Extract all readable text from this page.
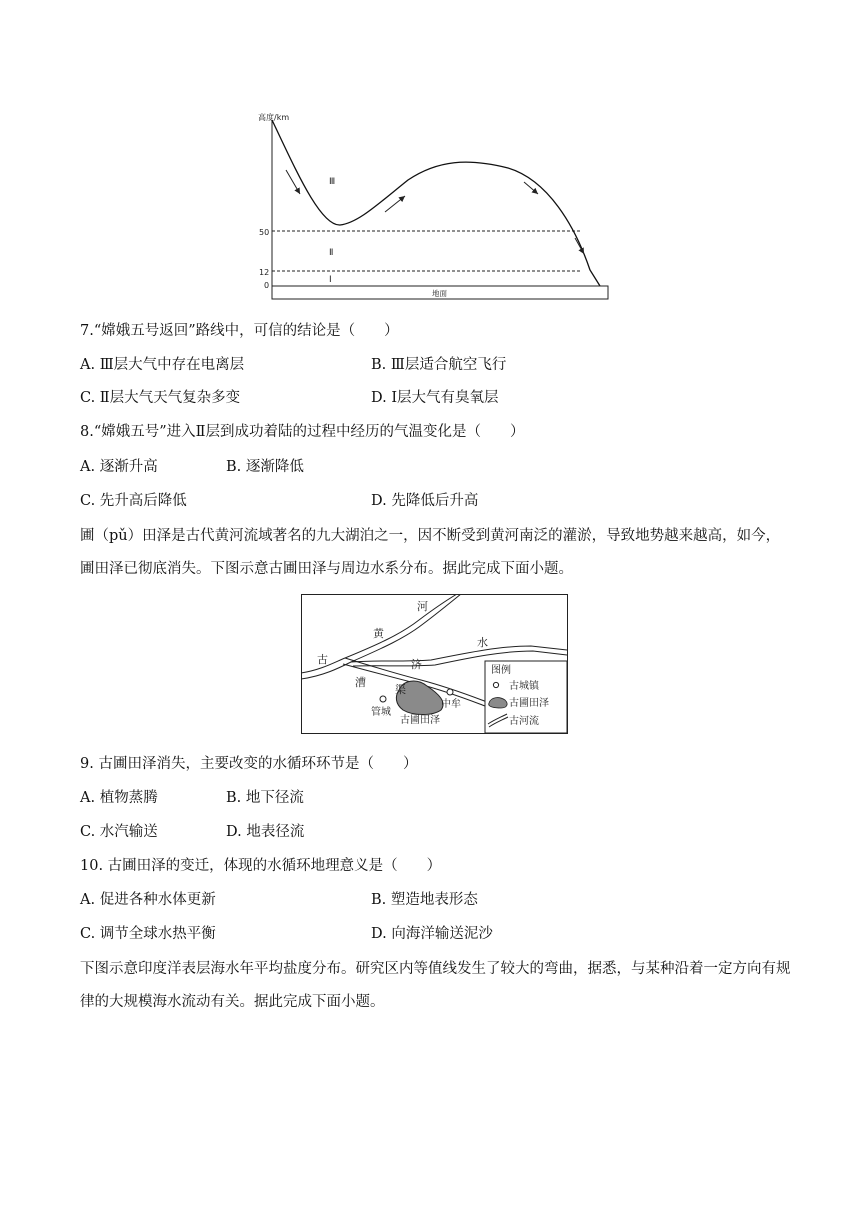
高度/km
50
12
0
Ⅲ
Ⅱ
Ⅰ
地面
7.“嫦娥五号返回”路线中，可信的结论是（　　）
A. Ⅲ层大气中存在电离层	B. Ⅲ层适合航空飞行
C. Ⅱ层大气天气复杂多变	D. Ⅰ层大气有臭氧层
8.“嫦娥五号”进入Ⅱ层到成功着陆的过程中经历的气温变化是（　　）
A. 逐渐升高	B. 逐渐降低
C. 先升高后降低	D. 先降低后升高
圃（pǔ）田泽是古代黄河流域著名的九大湖泊之一，因不断受到黄河南泛的灌淤，导致地势越来越高，如今，圃田泽已彻底消失。下图示意古圃田泽与周边水系分布。据此完成下面小题。
河
黄
水
古	济
漕
渠
管城
中牟
古圃田泽
图例
古城镇
古圃田泽
古河流
9. 古圃田泽消失，主要改变的水循环环节是（　　）
A. 植物蒸腾	B. 地下径流
C. 水汽输送	D. 地表径流
10. 古圃田泽的变迁，体现的水循环地理意义是（　　）
A. 促进各种水体更新	B. 塑造地表形态
C. 调节全球水热平衡	D. 向海洋输送泥沙
下图示意印度洋表层海水年平均盐度分布。研究区内等值线发生了较大的弯曲，据悉，与某种沿着一定方向有规律的大规模海水流动有关。据此完成下面小题。
